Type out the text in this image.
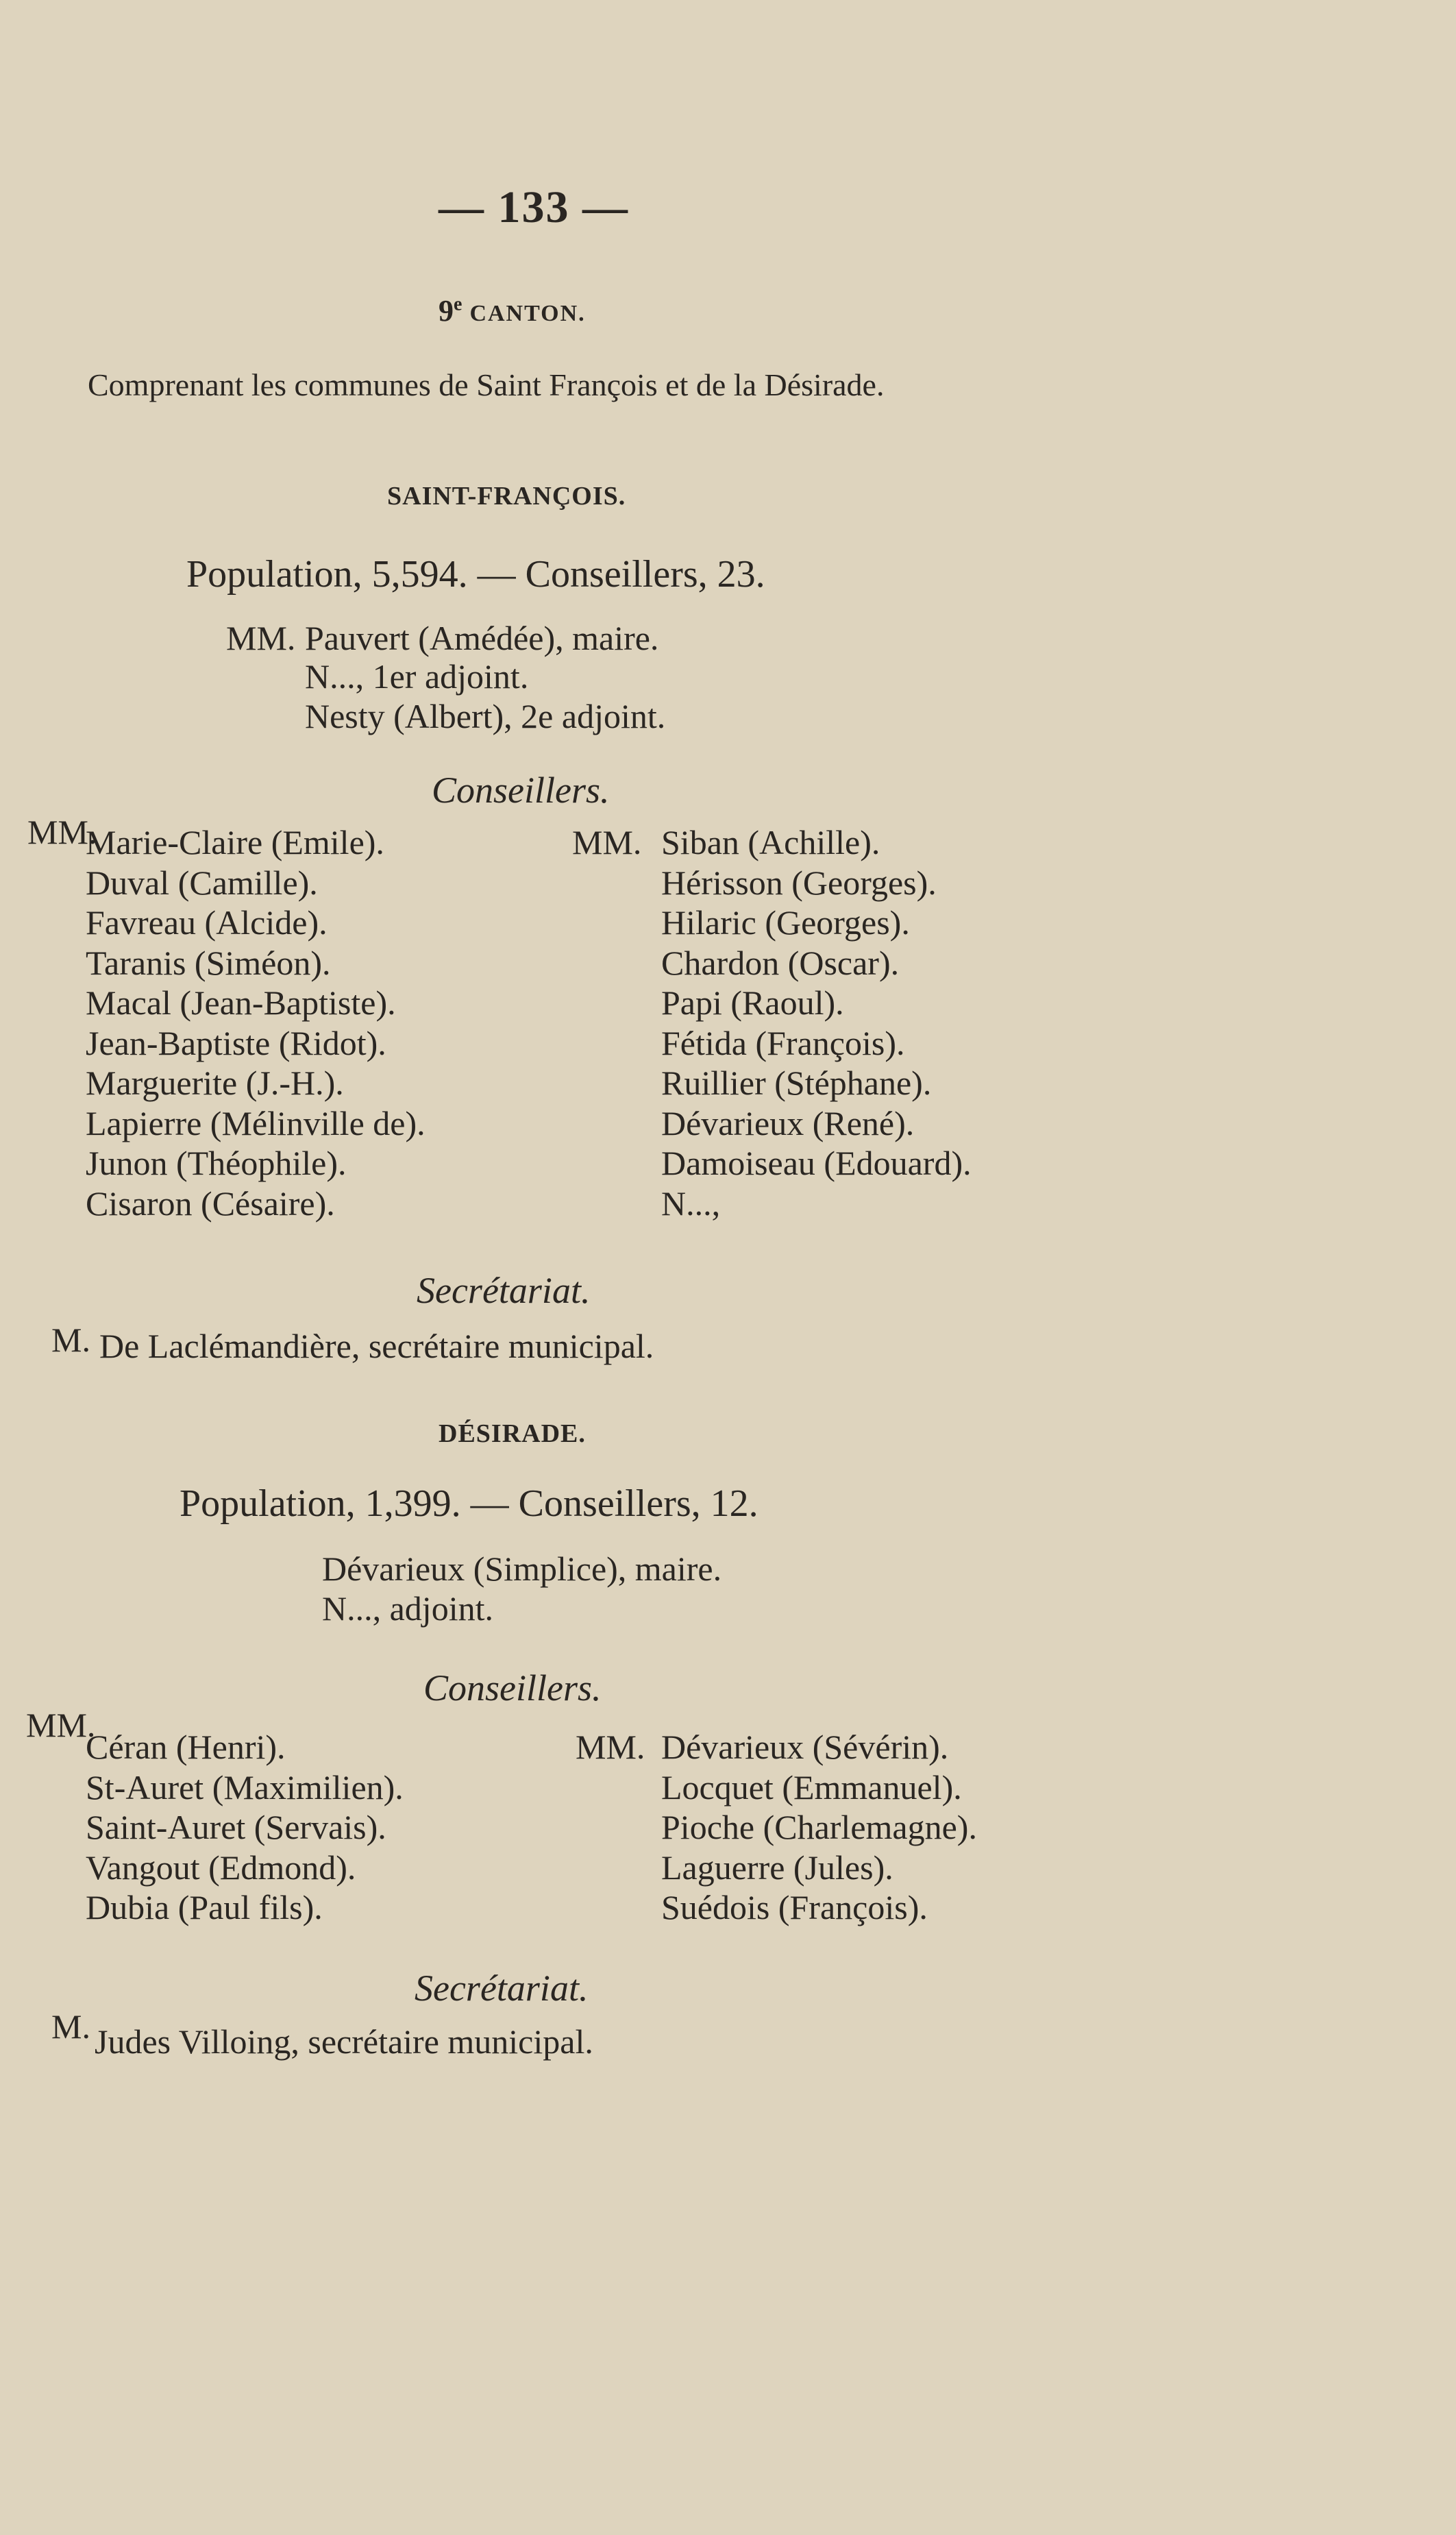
— 133 —
9e CANTON.
Comprenant les communes de Saint François et de la Désirade.
SAINT-FRANÇOIS.
Population, 5,594. — Conseillers, 23.
MM. Pauvert (Amédée), maire.
N..., 1er adjoint.
Nesty (Albert), 2e adjoint.
Conseillers.
MM.
Marie-Claire (Emile).
Duval (Camille).
Favreau (Alcide).
Taranis (Siméon).
Macal (Jean-Baptiste).
Jean-Baptiste (Ridot).
Marguerite (J.-H.).
Lapierre (Mélinville de).
Junon (Théophile).
Cisaron (Césaire).
MM. Siban (Achille).
Hérisson (Georges).
Hilaric (Georges).
Chardon (Oscar).
Papi (Raoul).
Fétida (François).
Ruillier (Stéphane).
Dévarieux (René).
Damoiseau (Edouard).
N...,
Secrétariat.
M. De Laclémandière, secrétaire municipal.
DÉSIRADE.
Population, 1,399. — Conseillers, 12.
Dévarieux (Simplice), maire.
N..., adjoint.
Conseillers.
MM.
Céran (Henri).
St-Auret (Maximilien).
Saint-Auret (Servais).
Vangout (Edmond).
Dubia (Paul fils).
MM. Dévarieux (Sévérin).
Locquet (Emmanuel).
Pioche (Charlemagne).
Laguerre (Jules).
Suédois (François).
Secrétariat.
M. Judes Villoing, secrétaire municipal.
